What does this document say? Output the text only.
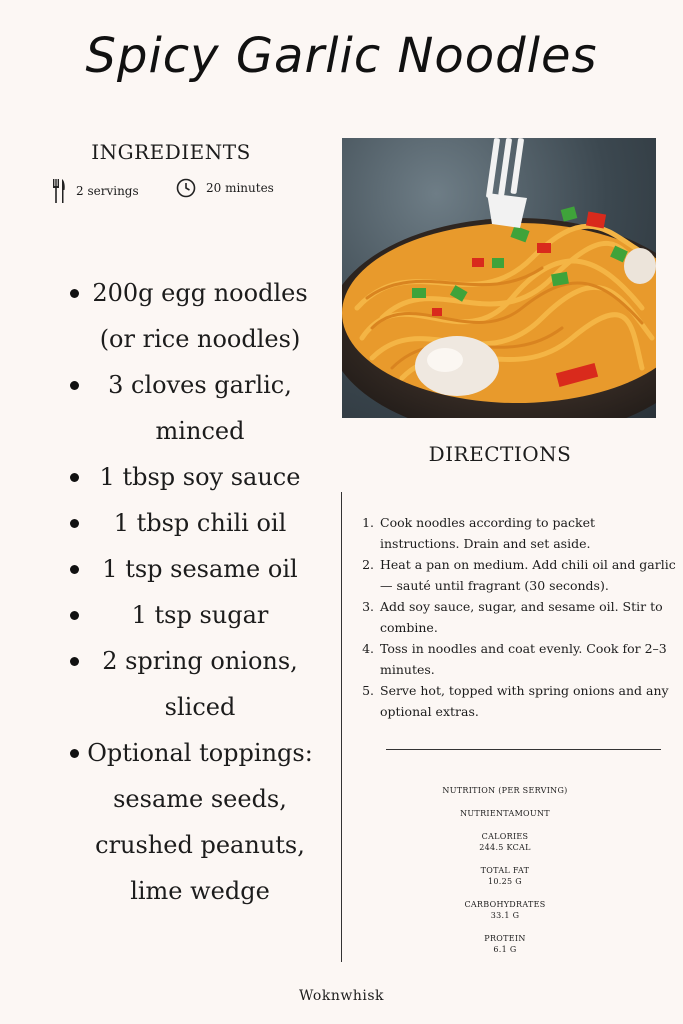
Spicy Garlic Noodles
INGREDIENTS
2 servings	20 minutes
200g egg noodles (or rice noodles)
3 cloves garlic, minced
1 tbsp soy sauce
1 tbsp chili oil
1 tsp sesame oil
1 tsp sugar
2 spring onions, sliced
Optional toppings: sesame seeds, crushed peanuts, lime wedge
DIRECTIONS
1. Cook noodles according to packet instructions. Drain and set aside.
2. Heat a pan on medium. Add chili oil and garlic — sauté until fragrant (30 seconds).
3. Add soy sauce, sugar, and sesame oil. Stir to combine.
4. Toss in noodles and coat evenly. Cook for 2–3 minutes.
5. Serve hot, topped with spring onions and any optional extras.
NUTRITION (PER SERVING)
NUTRIENTAMOUNT
CALORIES
244.5 KCAL
TOTAL FAT
10.25 G
CARBOHYDRATES
33.1 G
PROTEIN
6.1 G
Woknwhisk
